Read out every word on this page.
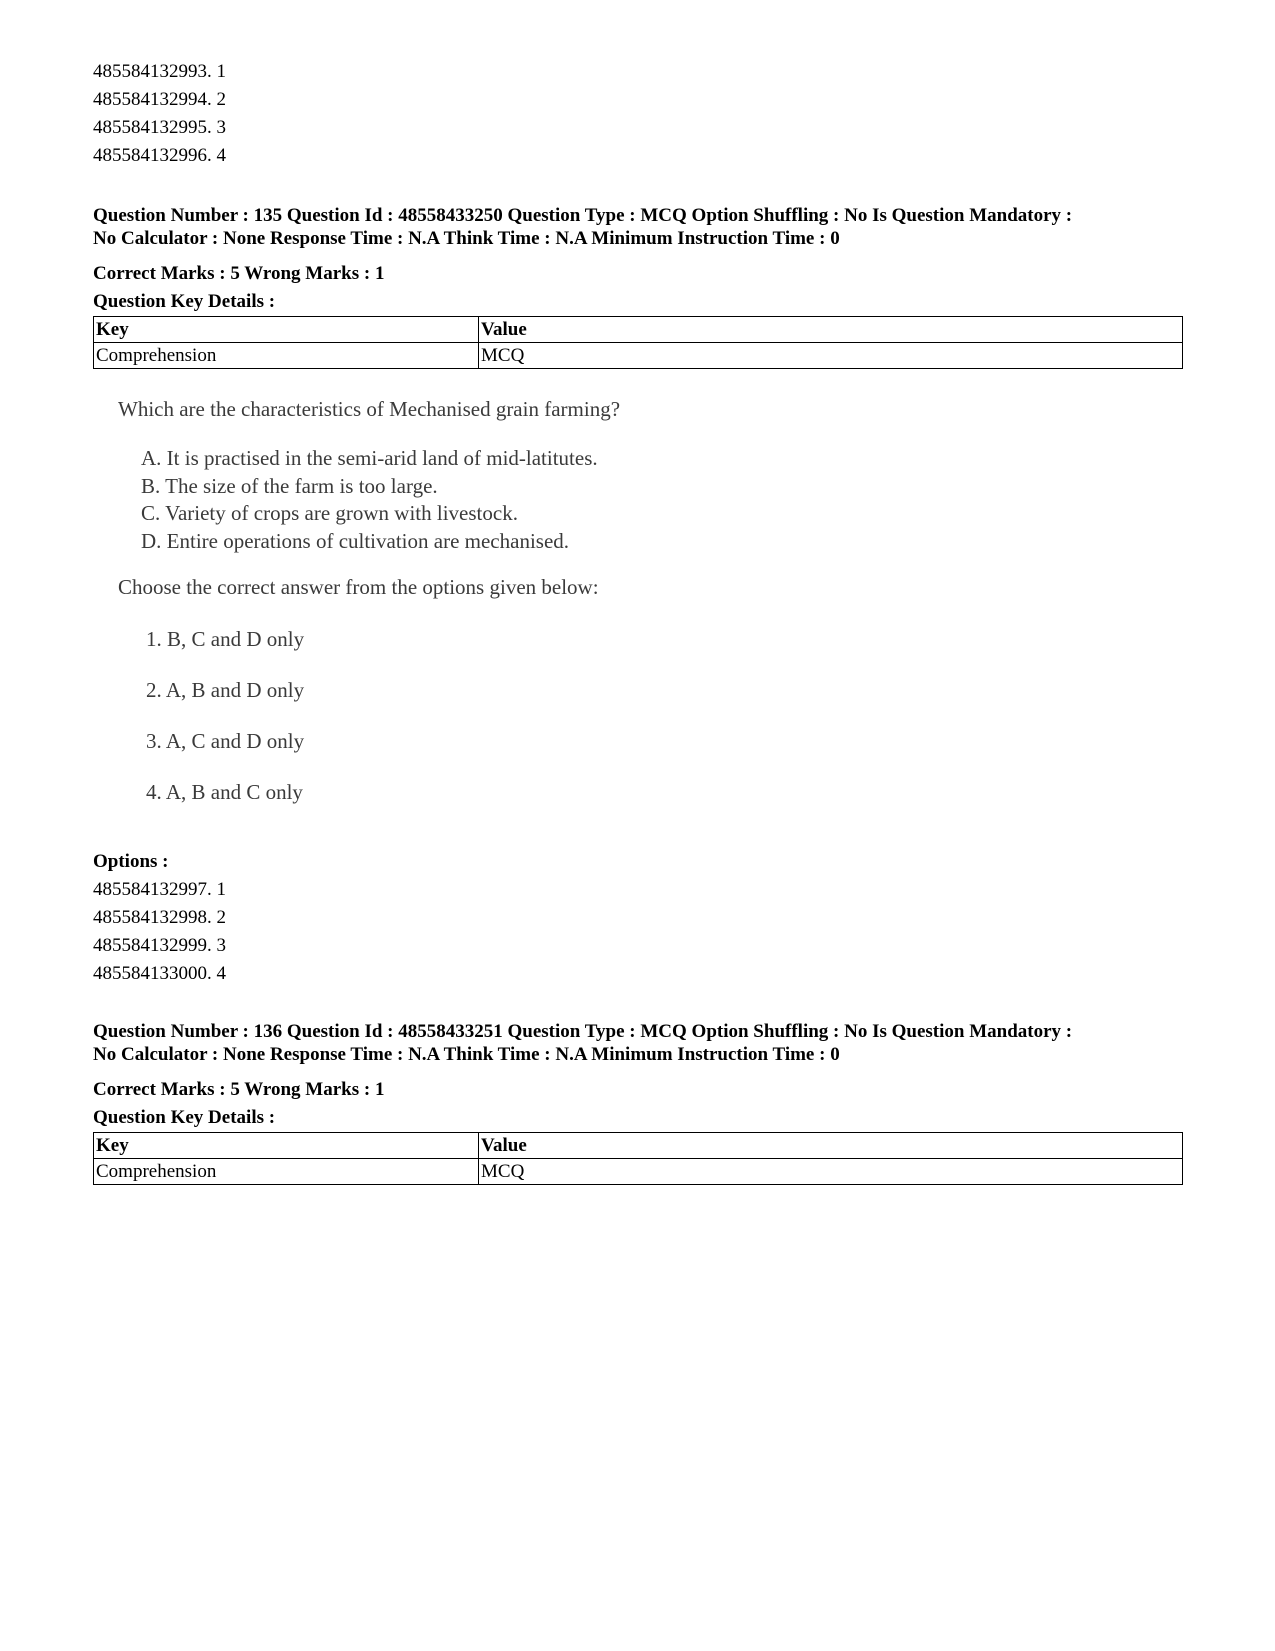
485584132993. 1
485584132994. 2
485584132995. 3
485584132996. 4
Question Number : 135 Question Id : 48558433250 Question Type : MCQ Option Shuffling : No Is Question Mandatory :
No Calculator : None Response Time : N.A Think Time : N.A Minimum Instruction Time : 0
Correct Marks : 5 Wrong Marks : 1
Question Key Details :
Key	Value
Comprehension	MCQ
Which are the characteristics of Mechanised grain farming?
A. It is practised in the semi-arid land of mid-latitutes.
B. The size of the farm is too large.
C. Variety of crops are grown with livestock.
D. Entire operations of cultivation are mechanised.
Choose the correct answer from the options given below:
1. B, C and D only
2. A, B and D only
3. A, C and D only
4. A, B and C only
Options :
485584132997. 1
485584132998. 2
485584132999. 3
485584133000. 4
Question Number : 136 Question Id : 48558433251 Question Type : MCQ Option Shuffling : No Is Question Mandatory :
No Calculator : None Response Time : N.A Think Time : N.A Minimum Instruction Time : 0
Correct Marks : 5 Wrong Marks : 1
Question Key Details :
Key	Value
Comprehension	MCQ
